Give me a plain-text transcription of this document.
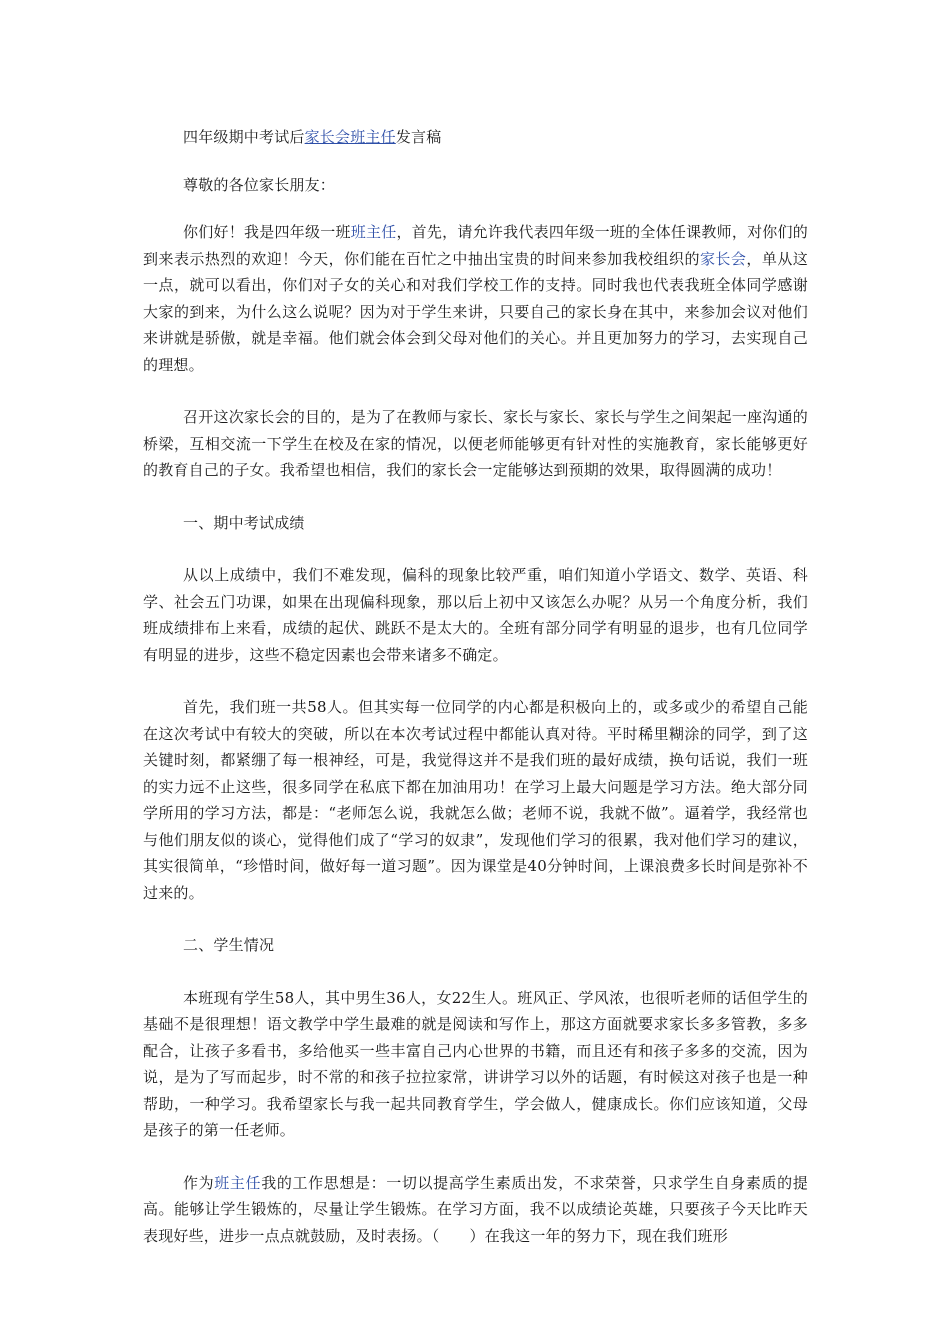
四年级期中考试后家长会班主任发言稿

尊敬的各位家长朋友：

你们好！我是四年级一班班主任，首先，请允许我代表四年级一班的全体任课教师，对你们的到来表示热烈的欢迎！今天，你们能在百忙之中抽出宝贵的时间来参加我校组织的家长会，单从这一点，就可以看出，你们对子女的关心和对我们学校工作的支持。同时我也代表我班全体同学感谢大家的到来，为什么这么说呢？因为对于学生来讲，只要自己的家长身在其中，来参加会议对他们来讲就是骄傲，就是幸福。他们就会体会到父母对他们的关心。并且更加努力的学习，去实现自己的理想。

召开这次家长会的目的，是为了在教师与家长、家长与家长、家长与学生之间架起一座沟通的桥梁，互相交流一下学生在校及在家的情况，以便老师能够更有针对性的实施教育，家长能够更好的教育自己的子女。我希望也相信，我们的家长会一定能够达到预期的效果，取得圆满的成功！

一、期中考试成绩

从以上成绩中，我们不难发现，偏科的现象比较严重，咱们知道小学语文、数学、英语、科学、社会五门功课，如果在出现偏科现象，那以后上初中又该怎么办呢？从另一个角度分析，我们班成绩排布上来看，成绩的起伏、跳跃不是太大的。全班有部分同学有明显的退步，也有几位同学有明显的进步，这些不稳定因素也会带来诸多不确定。

首先，我们班一共58人。但其实每一位同学的内心都是积极向上的，或多或少的希望自己能在这次考试中有较大的突破，所以在本次考试过程中都能认真对待。平时稀里糊涂的同学，到了这关键时刻，都紧绷了每一根神经，可是，我觉得这并不是我们班的最好成绩，换句话说，我们一班的实力远不止这些，很多同学在私底下都在加油用功！在学习上最大问题是学习方法。绝大部分同学所用的学习方法，都是：“老师怎么说，我就怎么做；老师不说，我就不做”。逼着学，我经常也与他们朋友似的谈心，觉得他们成了“学习的奴隶”，发现他们学习的很累，我对他们学习的建议，其实很简单，“珍惜时间，做好每一道习题”。因为课堂是40分钟时间，上课浪费多长时间是弥补不过来的。

二、学生情况

本班现有学生58人，其中男生36人，女22生人。班风正、学风浓，也很听老师的话但学生的基础不是很理想！语文教学中学生最难的就是阅读和写作上，那这方面就要求家长多多管教，多多配合，让孩子多看书，多给他买一些丰富自己内心世界的书籍，而且还有和孩子多多的交流，因为说，是为了写而起步，时不常的和孩子拉拉家常，讲讲学习以外的话题，有时候这对孩子也是一种帮助，一种学习。我希望家长与我一起共同教育学生，学会做人，健康成长。你们应该知道，父母是孩子的第一任老师。

作为班主任我的工作思想是：一切以提高学生素质出发，不求荣誉，只求学生自身素质的提高。能够让学生锻炼的，尽量让学生锻炼。在学习方面，我不以成绩论英雄，只要孩子今天比昨天表现好些，进步一点点就鼓励，及时表扬。（ ）在我这一年的努力下，现在我们班形
